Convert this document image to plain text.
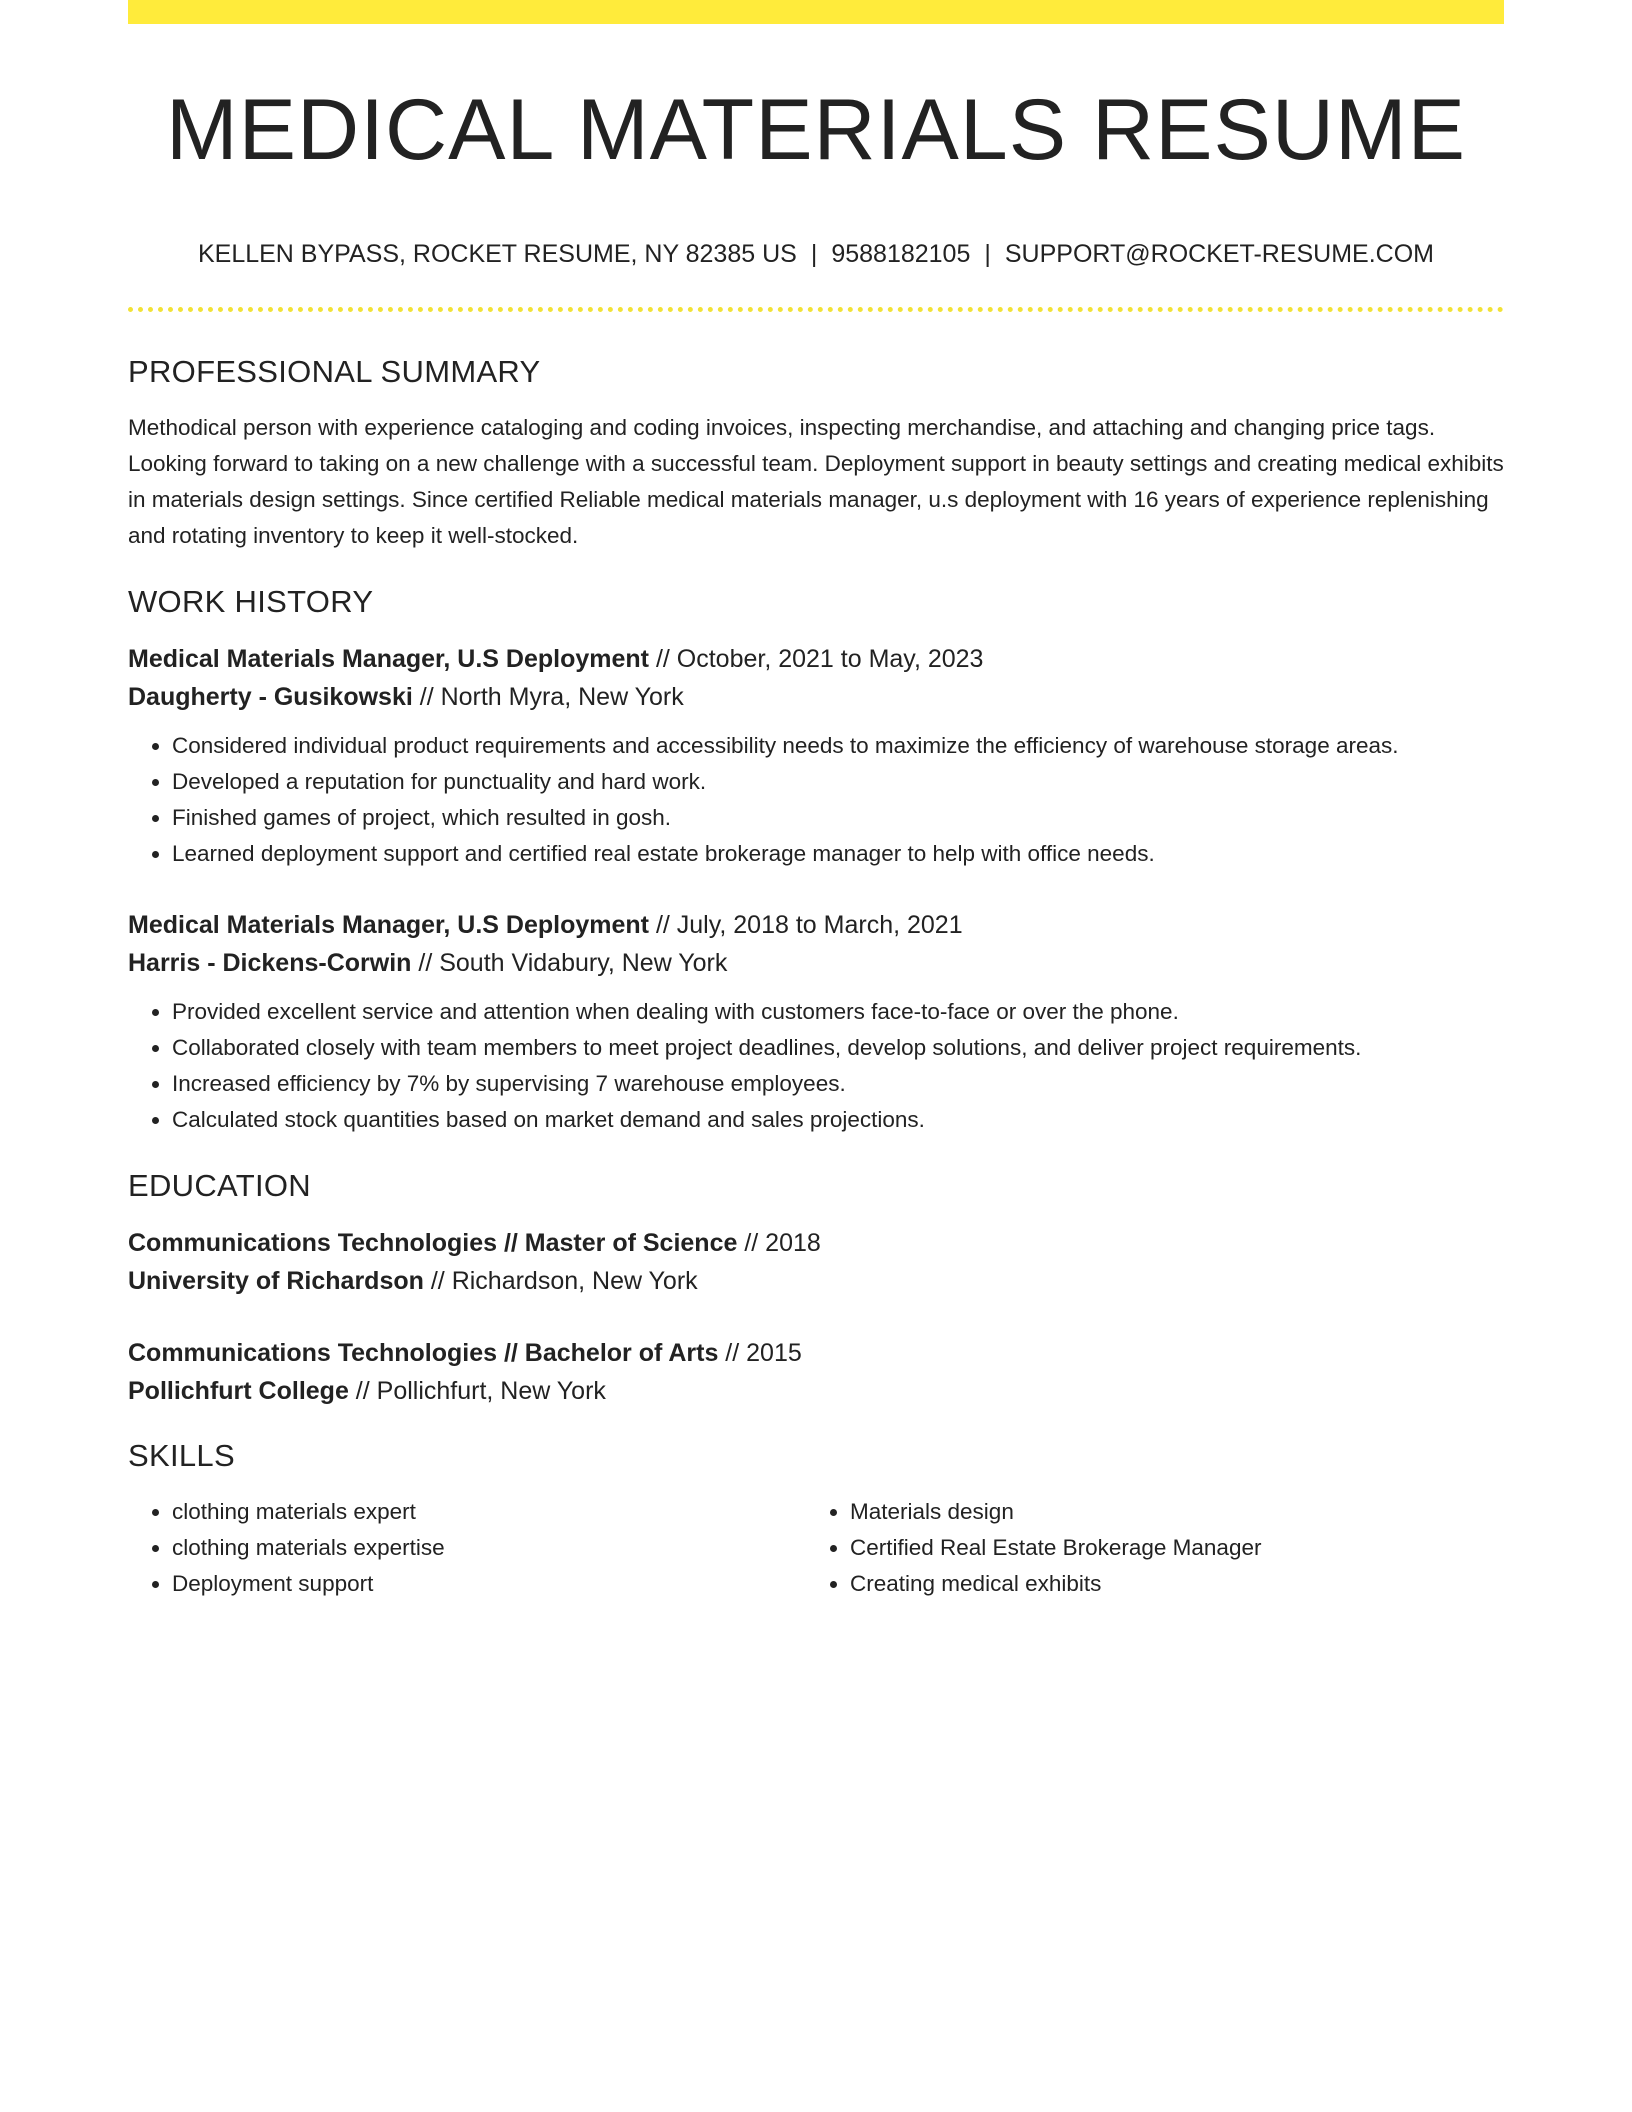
MEDICAL MATERIALS RESUME
KELLEN BYPASS, ROCKET RESUME, NY 82385 US | 9588182105 | SUPPORT@ROCKET-RESUME.COM
PROFESSIONAL SUMMARY

Methodical person with experience cataloging and coding invoices, inspecting merchandise, and attaching and changing price tags. Looking forward to taking on a new challenge with a successful team. Deployment support in beauty settings and creating medical exhibits in materials design settings. Since certified Reliable medical materials manager, u.s deployment with 16 years of experience replenishing and rotating inventory to keep it well-stocked.

WORK HISTORY
Medical Materials Manager, U.S Deployment // October, 2021 to May, 2023
Daugherty - Gusikowski // North Myra, New York
• Considered individual product requirements and accessibility needs to maximize the efficiency of warehouse storage areas.
• Developed a reputation for punctuality and hard work.
• Finished games of project, which resulted in gosh.
• Learned deployment support and certified real estate brokerage manager to help with office needs.
Medical Materials Manager, U.S Deployment // July, 2018 to March, 2021
Harris - Dickens-Corwin // South Vidabury, New York
• Provided excellent service and attention when dealing with customers face-to-face or over the phone.
• Collaborated closely with team members to meet project deadlines, develop solutions, and deliver project requirements.
• Increased efficiency by 7% by supervising 7 warehouse employees.
• Calculated stock quantities based on market demand and sales projections.
EDUCATION
Communications Technologies // Master of Science // 2018
University of Richardson // Richardson, New York
Communications Technologies // Bachelor of Arts // 2015
Pollichfurt College // Pollichfurt, New York
SKILLS
• clothing materials expert
• clothing materials expertise
• Deployment support
• Materials design
• Certified Real Estate Brokerage Manager
• Creating medical exhibits
